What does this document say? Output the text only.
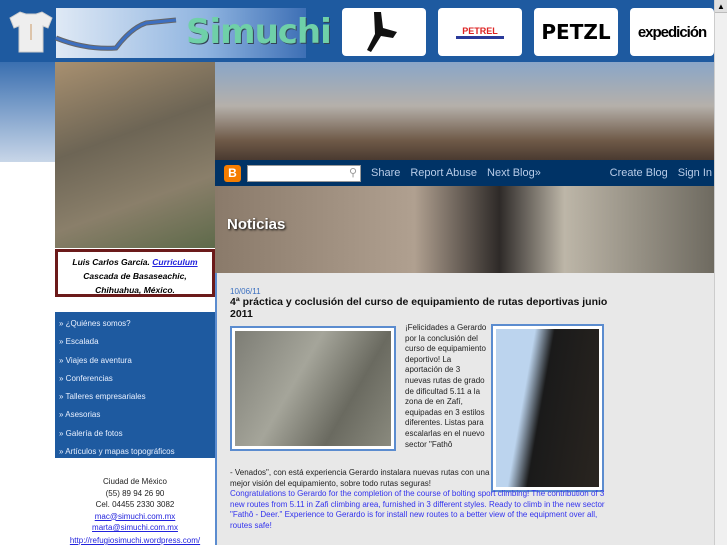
Simuchi	PETREL	PETZL expedición
▲
Luis Carlos García. Curriculum
Cascada de Basaseachic,
Chihuahua, México.
» ¿Quiénes somos?
» Escalada
» Viajes de aventura
» Conferencias
» Talleres empresariales
» Asesorias
» Galería de fotos
» Artículos y mapas topográficos
Ciudad de México
(55) 89 94 26 90
Cel. 04455 2330 3082
mac@simuchi.com.mx
marta@simuchi.com.mx
http://refugiosimuchi.wordpress.com/
B	⚲ Share Report Abuse Next Blog»	Create Blog Sign In
Noticias
10/06/11
4ª práctica y coclusión del curso de equipamiento de rutas deportivas junio 2011
¡Felicidades a Gerardo por la conclusión del curso de equipamiento deportivo! La aportación de 3 nuevas rutas de grado de dificultad 5.11 a la zona de en Zafí, equipadas en 3 estilos diferentes. Listas para escalarlas en el nuevo sector "Fathô
- Venados", con está experiencia Gerardo instalara nuevas rutas con una mejor visión del equipamiento, sobre todo rutas seguras!
Congratulations to Gerardo for the completion of the course of bolting sport climbing! The contribution of 3 new routes from 5.11 in Zafi climbing area, furnished in 3 different styles. Ready to climb in the new sector "Fathô - Deer." Experience to Gerardo is for install new routes to a better view of the equipment over all, routes safe!
